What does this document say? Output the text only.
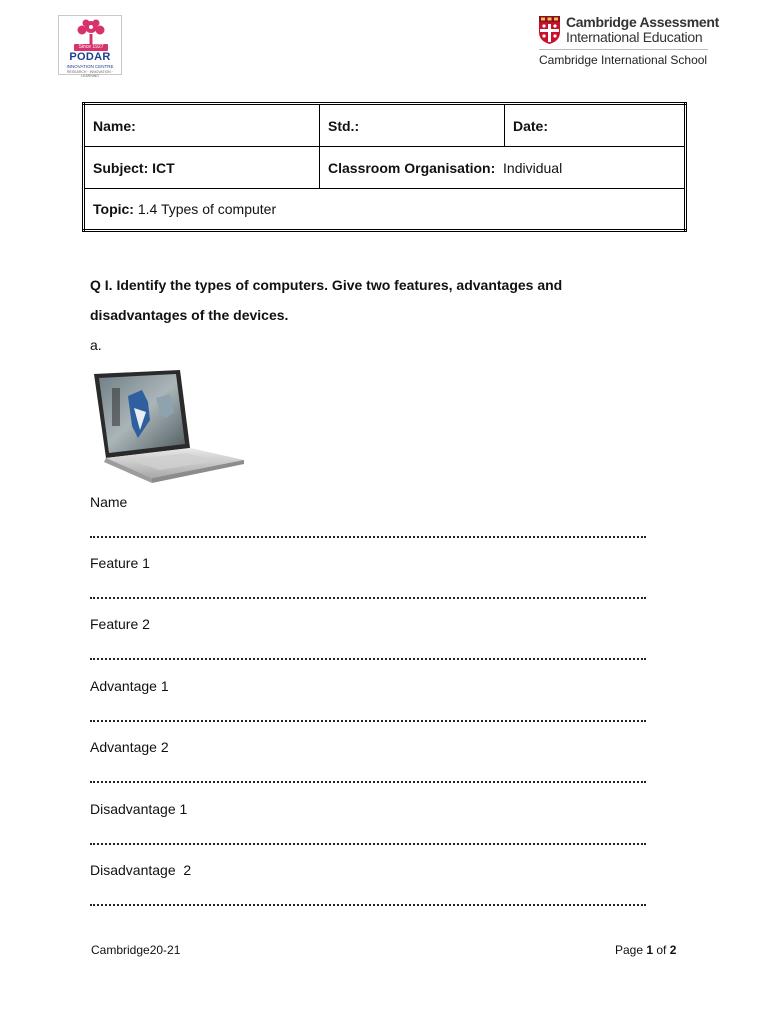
Since 1927
PODAR
INNOVATION CENTRE
RESEARCH · INNOVATION · LEARNING
Cambridge Assessment
International Education
Cambridge International School
Name:	Std.:	Date:
Subject: ICT	Classroom Organisation: Individual	
Topic: 1.4 Types of computer		
Q I. Identify the types of computers. Give two features, advantages and disadvantages of the devices.
a.
Name
Feature 1
Feature 2
Advantage 1
Advantage 2
Disadvantage 1
Disadvantage  2
Cambridge20-21	Page 1 of 2
